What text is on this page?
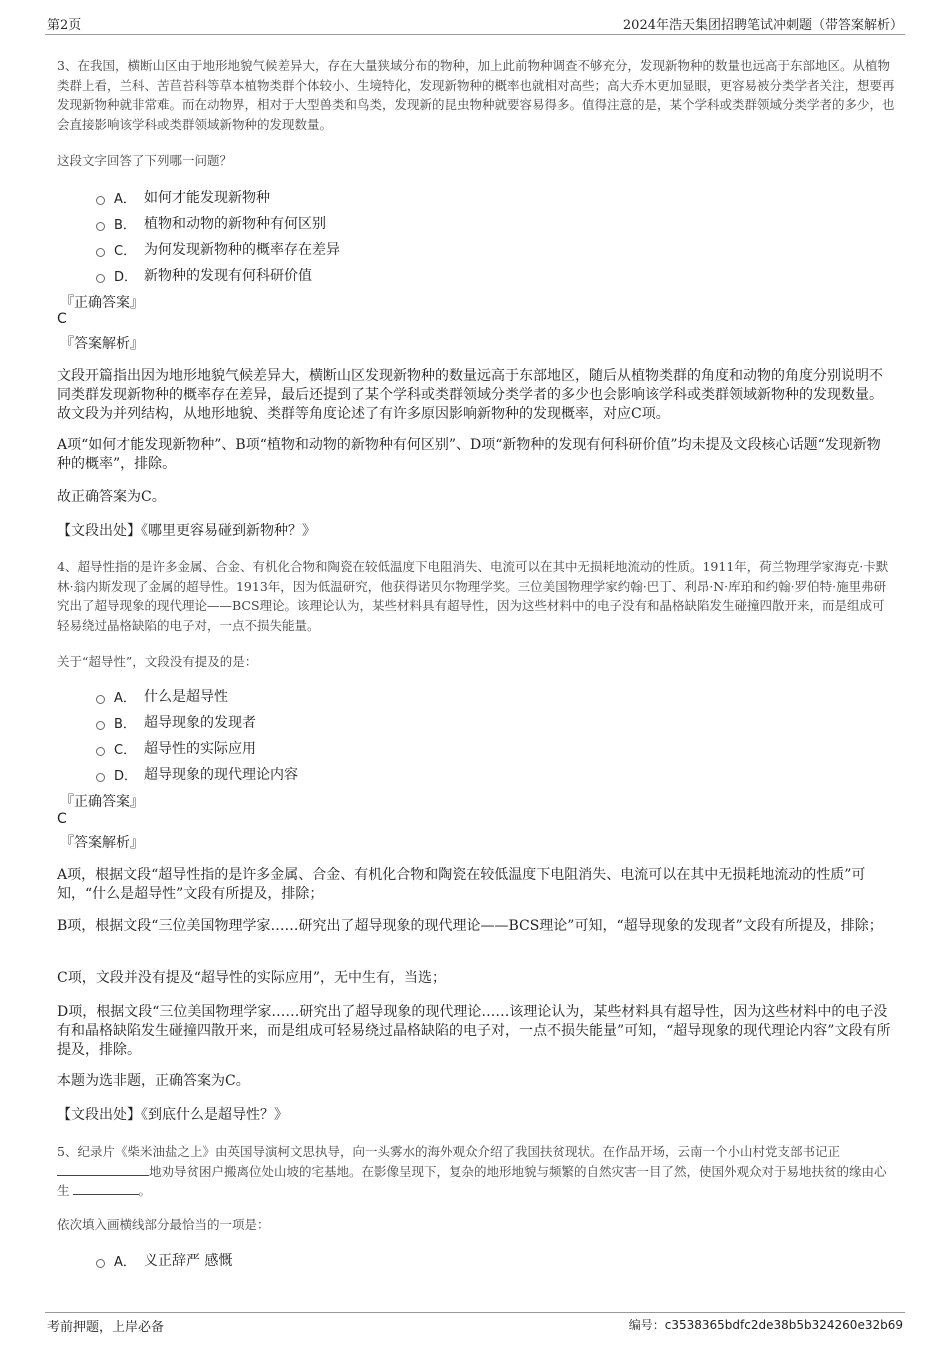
第2页	2024年浩天集团招聘笔试冲刺题（带答案解析）
3、在我国，横断山区由于地形地貌气候差异大，存在大量狭域分布的物种，加上此前物种调查不够充分，发现新物种的数量也远高于东部地区。从植物类群上看，兰科、苦苣苔科等草本植物类群个体较小、生境特化，发现新物种的概率也就相对高些；高大乔木更加显眼，更容易被分类学者关注，想要再发现新物种就非常难。而在动物界，相对于大型兽类和鸟类，发现新的昆虫物种就要容易得多。值得注意的是，某个学科或类群领域分类学者的多少，也会直接影响该学科或类群领域新物种的发现数量。
这段文字回答了下列哪一问题？
A． 如何才能发现新物种
B． 植物和动物的新物种有何区别
C． 为何发现新物种的概率存在差异
D． 新物种的发现有何科研价值
『正确答案』
C
『答案解析』
文段开篇指出因为地形地貌气候差异大，横断山区发现新物种的数量远高于东部地区，随后从植物类群的角度和动物的角度分别说明不同类群发现新物种的概率存在差异，最后还提到了某个学科或类群领域分类学者的多少也会影响该学科或类群领域新物种的发现数量。故文段为并列结构，从地形地貌、类群等角度论述了有许多原因影响新物种的发现概率，对应C项。
A项“如何才能发现新物种”、B项“植物和动物的新物种有何区别”、D项“新物种的发现有何科研价值”均未提及文段核心话题“发现新物种的概率”，排除。
故正确答案为C。
【文段出处】《哪里更容易碰到新物种？》
4、超导性指的是许多金属、合金、有机化合物和陶瓷在较低温度下电阻消失、电流可以在其中无损耗地流动的性质。1911年，荷兰物理学家海克·卡默林·翁内斯发现了金属的超导性。1913年，因为低温研究，他获得诺贝尔物理学奖。三位美国物理学家约翰·巴丁、利昂·N·库珀和约翰·罗伯特·施里弗研究出了超导现象的现代理论——BCS理论。该理论认为，某些材料具有超导性，因为这些材料中的电子没有和晶格缺陷发生碰撞四散开来，而是组成可轻易绕过晶格缺陷的电子对，一点不损失能量。
关于“超导性”，文段没有提及的是：
A． 什么是超导性
B． 超导现象的发现者
C． 超导性的实际应用
D． 超导现象的现代理论内容
『正确答案』
C
『答案解析』
A项，根据文段“超导性指的是许多金属、合金、有机化合物和陶瓷在较低温度下电阻消失、电流可以在其中无损耗地流动的性质”可知，“什么是超导性”文段有所提及，排除；
B项，根据文段“三位美国物理学家……研究出了超导现象的现代理论——BCS理论”可知，“超导现象的发现者”文段有所提及，排除；
C项，文段并没有提及“超导性的实际应用”，无中生有，当选；
D项，根据文段“三位美国物理学家……研究出了超导现象的现代理论……该理论认为，某些材料具有超导性，因为这些材料中的电子没有和晶格缺陷发生碰撞四散开来，而是组成可轻易绕过晶格缺陷的电子对，一点不损失能量”可知，“超导现象的现代理论内容”文段有所提及，排除。
本题为选非题，正确答案为C。
【文段出处】《到底什么是超导性？》
5、纪录片《柴米油盐之上》由英国导演柯文思执导，向一头雾水的海外观众介绍了我国扶贫现状。在作品开场，云南一个小山村党支部书记正地劝导贫困户搬离位处山坡的宅基地。在影像呈现下，复杂的地形地貌与频繁的自然灾害一目了然，使国外观众对于易地扶贫的缘由心生	。
依次填入画横线部分最恰当的一项是：
A． 义正辞严 感慨
考前押题，上岸必备	编号：c3538365bdfc2de38b5b324260e32b69
